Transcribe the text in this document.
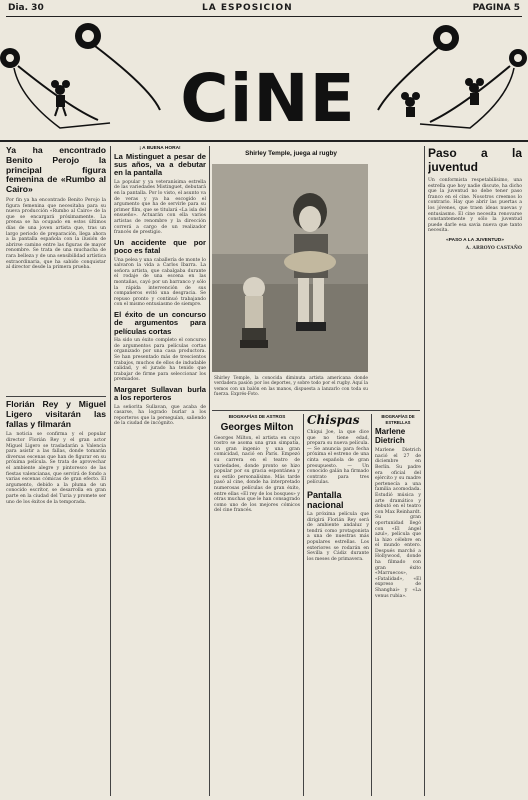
Dia. 30	LA ESPOSICION	PAGINA 5
CiNE
Ya ha encontrado Benito Perojo la principal figura femenina de «Rumbo al Cairo»

Por fin ya ha encontrado Benito Perojo la figura femenina que necesitaba para su nueva producción «Rumbo al Cairo» de la que se encargará próximamente. La prensa se ha ocupado en estos últimos días de una joven artista que, tras un largo periodo de preparación, llega ahora a la pantalla española con la ilusión de abrirse camino entre las figuras de mayor renombre. Se trata de una muchacha de rara belleza y de una sensibilidad artística extraordinaria, que ha sabido conquistar al director desde la primera prueba.

Florián Rey y Miguel Ligero visitarán las fallas y filmarán

La noticia se confirma y el popular director Florián Rey y el gran actor Miguel Ligero se trasladarán a Valencia para asistir a las fallas, donde tomarán diversas escenas que han de figurar en su próxima película. Se trata de aprovechar el ambiente alegre y pintoresco de las fiestas valencianas, que servirá de fondo a varias escenas cómicas de gran efecto. El argumento, debido a la pluma de un conocido escritor, se desarrolla en gran parte en la ciudad del Turia y promete ser uno de los éxitos de la temporada.

¡ A BUENA HORA!
La Mistinguet a pesar de sus años, va a debutar en la pantalla

La popular y ya veteranísima estrella de las variedades Mistinguet, debutará en la pantalla. Por lo visto, el asunto va de veras y ya ha escogido el argumento que ha de servirle para su primer film, que se titulará «La isla del ensueño». Actuarán con ella varios artistas de renombre y la dirección correrá a cargo de un realizador francés de prestigio.

Un accidente que por poco es fatal

Una pelea y una caballería de monte lo salvaron la vida a Carlos Ibarra. La señora artista, que cabalgaba durante el rodaje de una escena en las montañas, cayó por un barranco y sólo la rápida intervención de sus compañeros evitó una desgracia. Se repuso pronto y continuó trabajando con el mismo entusiasmo de siempre.

El éxito de un concurso de argumentos para películas cortas

Ha sido un éxito completo el concurso de argumentos para películas cortas organizado por una casa productora. Se han presentado más de trescientos trabajos, muchos de ellos de indudable calidad, y el jurado ha tenido que trabajar de firme para seleccionar los premiados.

Margaret Sullavan burla a los reporteros

La señorita Sullavan, que acaba de casarse, ha logrado burlar a los reporteros que la perseguían, saliendo de la ciudad de incógnito.

Shirley Temple, juega al rugby
Shirley Temple, la conocida diminuta artista americana donde verdadera pasión por los deportes, y sobre todo por el rugby. Aquí la vemos con un balón en las manos, dispuesta a lanzarlo con toda su fuerza. Exprés-Foto.
BIOGRAFÍAS DE ASTROS
Georges Milton

Georges Milton, el artista en cuyo rostro se asoma una gran simpatía, un gran ingenio y una gran comicidad, nació en París. Empezó su carrera en el teatro de variedades, donde pronto se hizo popular por su gracia espontánea y su estilo personalísimo. Más tarde pasó al cine, donde ha interpretado numerosas películas de gran éxito, entre ellas «El rey de los bosques» y otras muchas que le han consagrado como uno de los mejores cómicos del cine francés.

Chispas

Chiqui Joe, la que dice que no tiene edad, prepara su nueva película. — Se anuncia para fecha próxima el estreno de una cinta española de gran presupuesto. — Un conocido galán ha firmado contrato para tres películas.

Pantalla nacional

La próxima película que dirigirá Florián Rey será de ambiente andaluz y tendrá como protagonista a una de nuestras más populares estrellas. Los exteriores se rodarán en Sevilla y Cádiz durante los meses de primavera.

BIOGRAFÍAS DE ESTRELLAS
Marlene Dietrich

Marlene Dietrich nació el 27 de diciembre en Berlín. Su padre era oficial del ejército y su madre pertenecía a una familia acomodada. Estudió música y arte dramático y debutó en el teatro con Max Reinhardt. Su gran oportunidad llegó con «El ángel azul», película que la hizo célebre en el mundo entero. Después marchó a Hollywood, donde ha filmado con gran éxito «Marruecos», «Fatalidad», «El expreso de Shanghai» y «La venus rubia».

Paso a la juventud

Un conformista respetabilísimo, una estrella que hoy nadie discute, ha dicho que la juventud no debe tener paso franco en el cine. Nosotros creemos lo contrario. Hay que abrir las puertas a los jóvenes, que traen ideas nuevas y entusiasmo. El cine necesita renovarse constantemente y sólo la juventud puede darle esa savia nueva que tanto necesita.

«PASO A LA JUVENTUD»
A. ARROYO CASTAÑO
